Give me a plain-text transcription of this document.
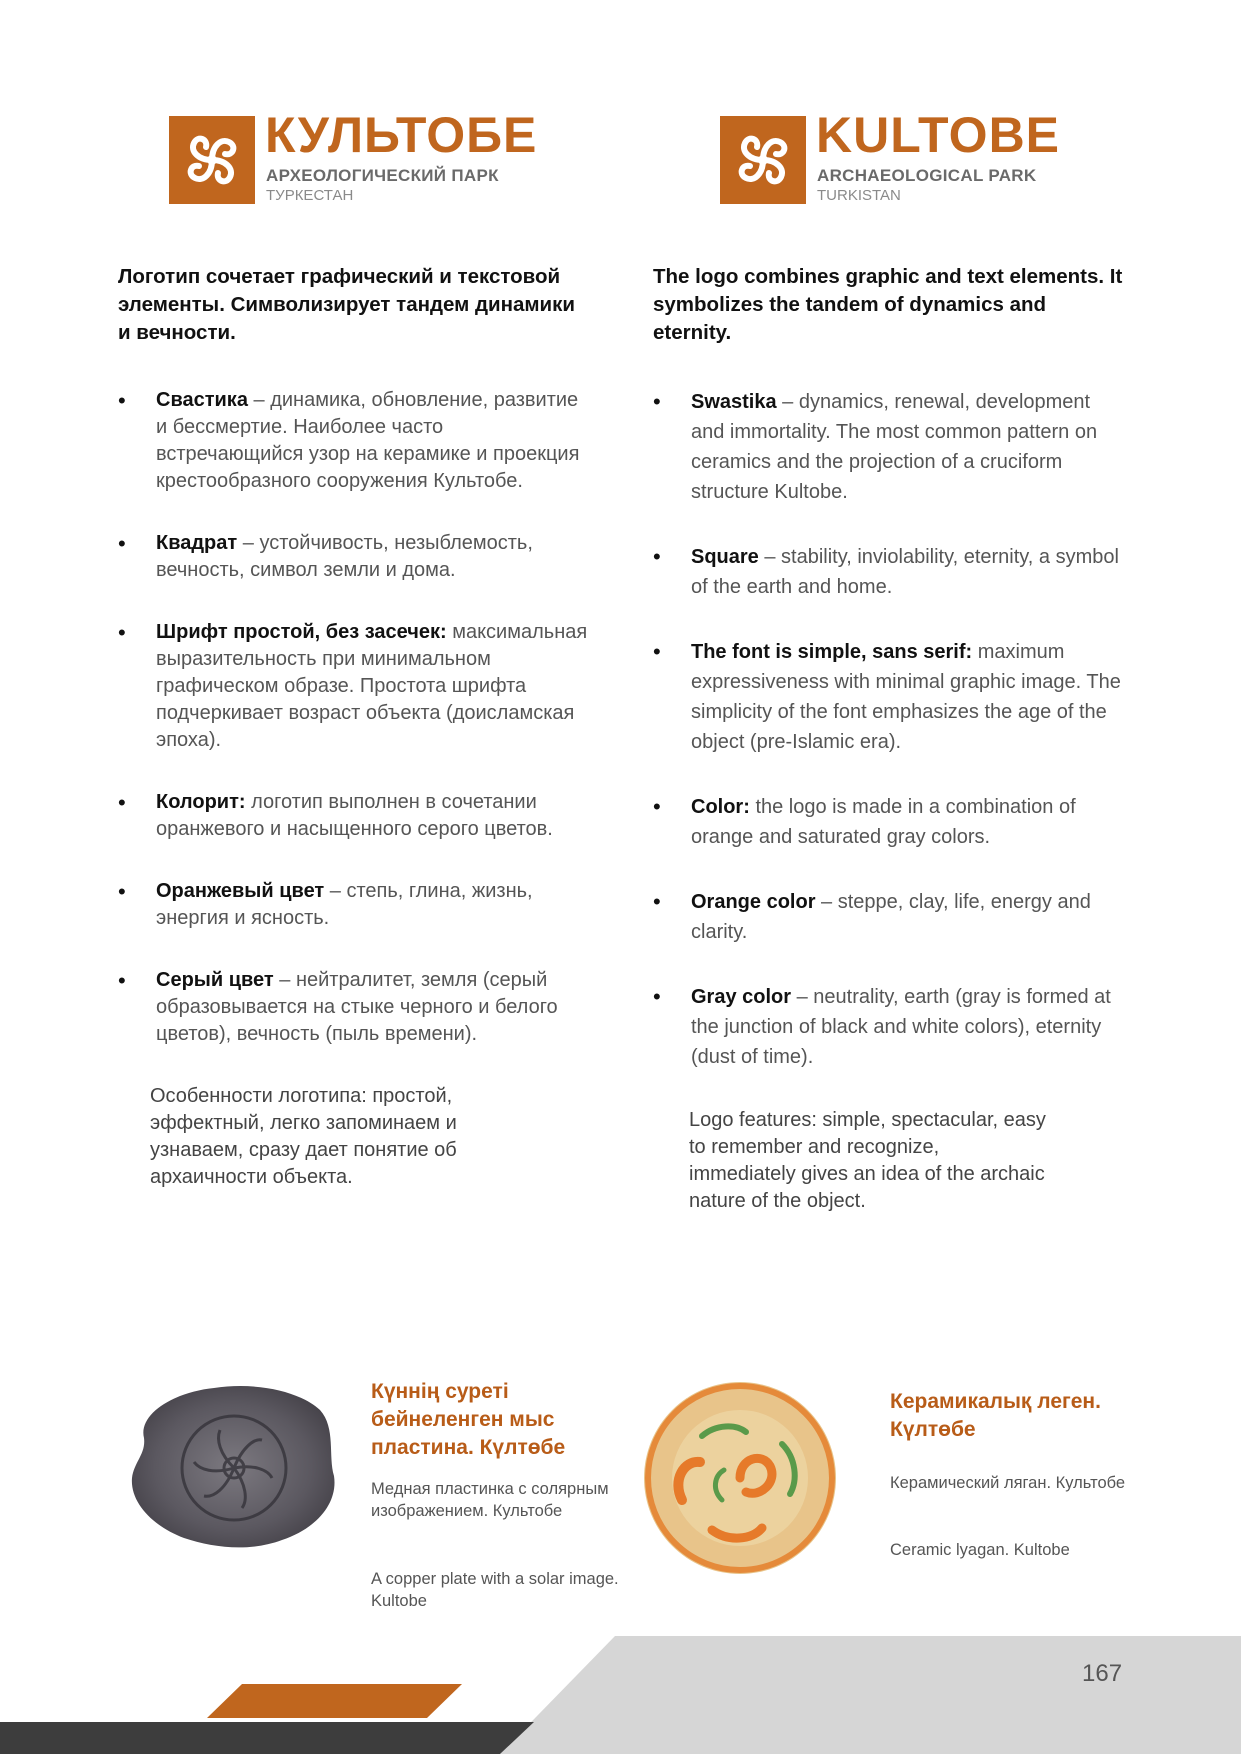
КУЛЬТОБЕ
АРХЕОЛОГИЧЕСКИЙ ПАРК
ТУРКЕСТАН
KULTOBE
ARCHAEOLOGICAL PARK
TURKISTAN

Логотип сочетает графический и текстовой элементы. Символизирует тандем динамики и вечности.

• Свастика – динамика, обновление, развитие и бессмертие. Наиболее часто встречающийся узор на керамике и проекция крестообразного сооружения Культобе.
• Квадрат – устойчивость, незыблемость, вечность, символ земли и дома.
• Шрифт простой, без засечек: максимальная выразительность при минимальном графическом образе. Простота шрифта подчеркивает возраст объекта (доисламская эпоха).
• Колорит: логотип выполнен в сочетании оранжевого и насыщенного серого цветов.
• Оранжевый цвет – степь, глина, жизнь, энергия и ясность.
• Серый цвет – нейтралитет, земля (серый образовывается на стыке черного и белого цветов), вечность (пыль времени).

Особенности логотипа: простой, эффектный, легко запоминаем и узнаваем, сразу дает понятие об архаичности объекта.

The logo combines graphic and text elements. It symbolizes the tandem of dynamics and eternity.

• Swastika – dynamics, renewal, development and immortality. The most common pattern on ceramics and the projection of a cruciform structure Kultobe.
• Square – stability, inviolability, eternity, a symbol of the earth and home.
• The font is simple, sans serif: maximum expressiveness with minimal graphic image. The simplicity of the font emphasizes the age of the object (pre-Islamic era).
• Color: the logo is made in a combination of orange and saturated gray colors.
• Orange color – steppe, clay, life, energy and clarity.
• Gray color – neutrality, earth (gray is formed at the junction of black and white colors), eternity (dust of time).

Logo features: simple, spectacular, easy to remember and recognize, immediately gives an idea of the archaic nature of the object.

Күннің суреті бейнеленген мыс пластина. Күлтөбе

Медная пластинка с солярным изображением. Культобе

A copper plate with a solar image. Kultobe

Керамикалық леген. Күлтөбе

Керамический ляган. Культобе

Ceramic lyagan. Kultobe

167
